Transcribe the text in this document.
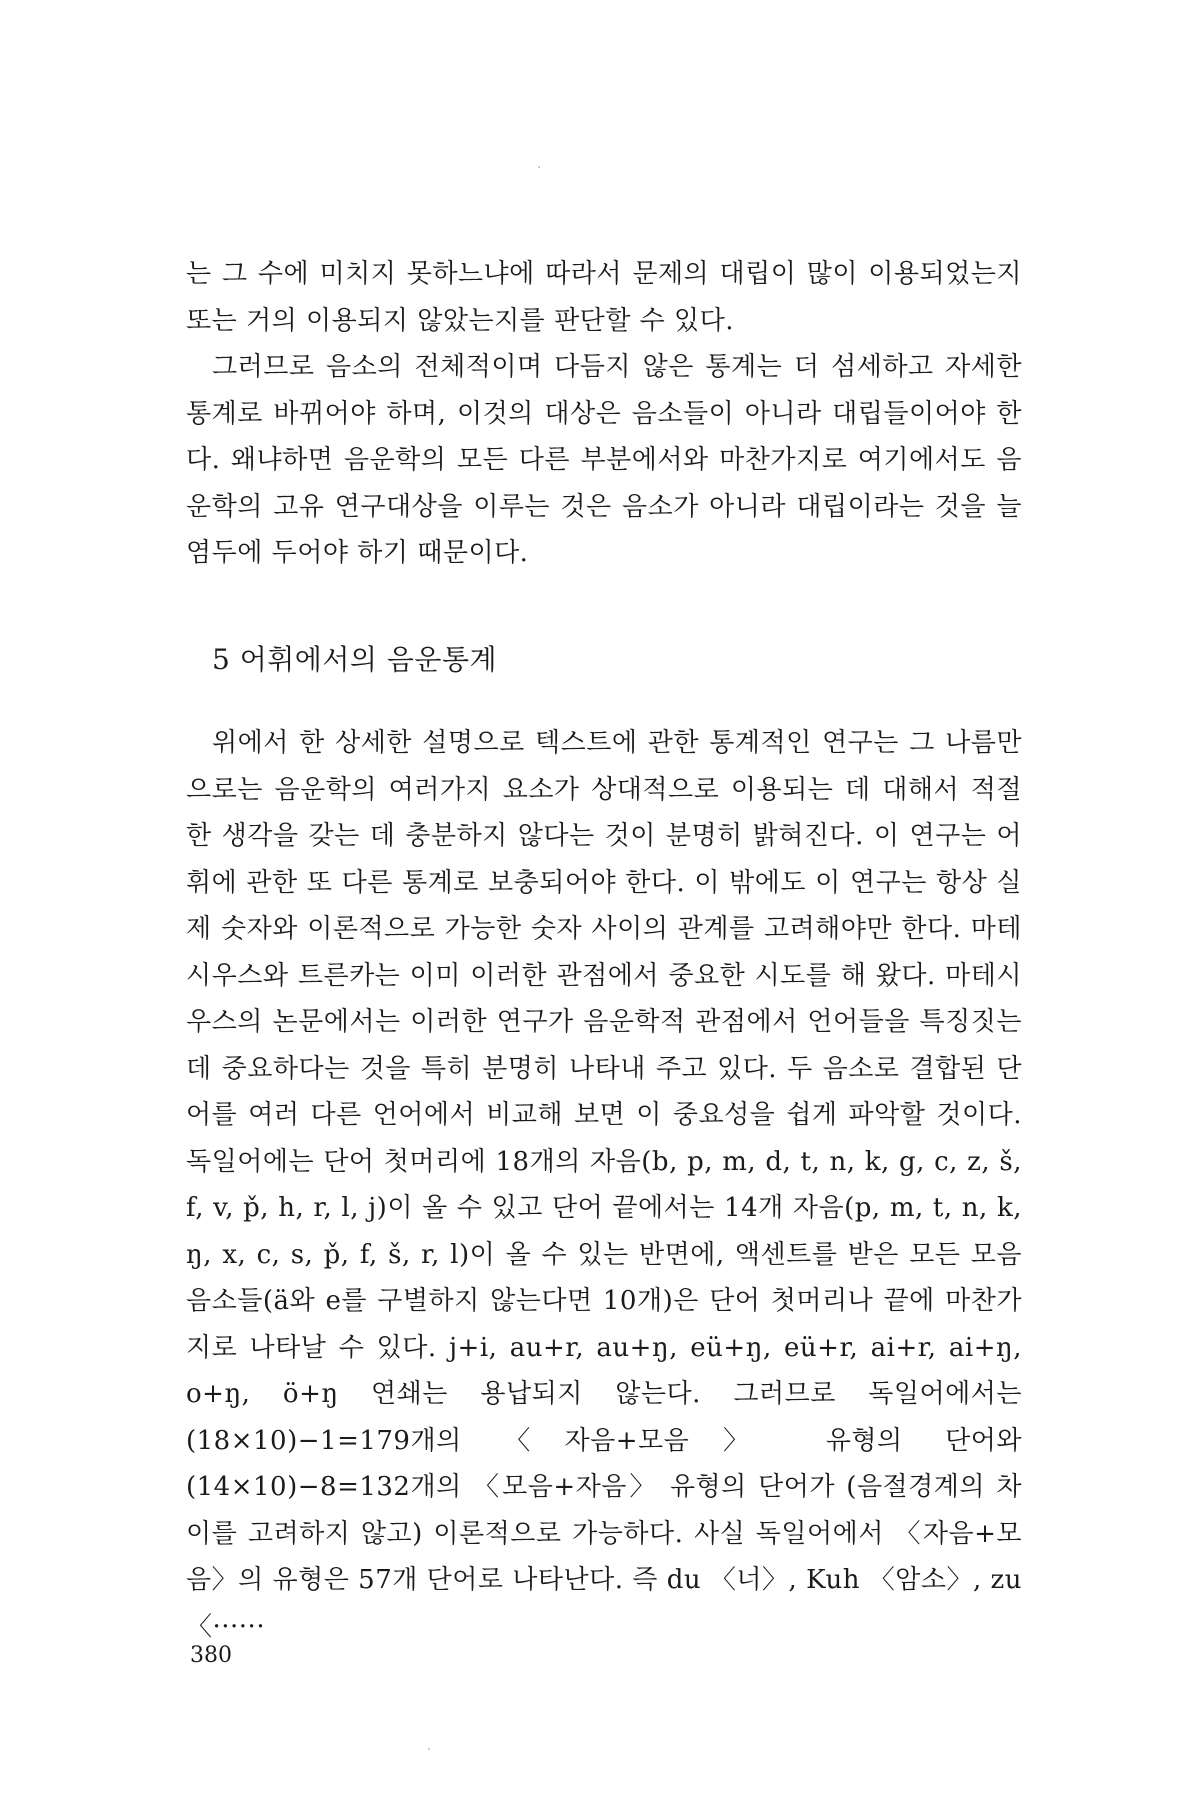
는 그 수에 미치지 못하느냐에 따라서 문제의 대립이 많이 이용되었는지 또는 거의 이용되지 않았는지를 판단할 수 있다.

그러므로 음소의 전체적이며 다듬지 않은 통계는 더 섬세하고 자세한 통계로 바뀌어야 하며, 이것의 대상은 음소들이 아니라 대립들이어야 한다. 왜냐하면 음운학의 모든 다른 부분에서와 마찬가지로 여기에서도 음운학의 고유 연구대상을 이루는 것은 음소가 아니라 대립이라는 것을 늘 염두에 두어야 하기 때문이다.

5 어휘에서의 음운통계

위에서 한 상세한 설명으로 텍스트에 관한 통계적인 연구는 그 나름만으로는 음운학의 여러가지 요소가 상대적으로 이용되는 데 대해서 적절한 생각을 갖는 데 충분하지 않다는 것이 분명히 밝혀진다. 이 연구는 어휘에 관한 또 다른 통계로 보충되어야 한다. 이 밖에도 이 연구는 항상 실제 숫자와 이론적으로 가능한 숫자 사이의 관계를 고려해야만 한다. 마테시우스와 트른카는 이미 이러한 관점에서 중요한 시도를 해 왔다. 마테시우스의 논문에서는 이러한 연구가 음운학적 관점에서 언어들을 특징짓는 데 중요하다는 것을 특히 분명히 나타내 주고 있다. 두 음소로 결합된 단어를 여러 다른 언어에서 비교해 보면 이 중요성을 쉽게 파악할 것이다. 독일어에는 단어 첫머리에 18개의 자음(b, p, m, d, t, n, k, g, c, z, š, f, v, p̌, h, r, l, j)이 올 수 있고 단어 끝에서는 14개 자음(p, m, t, n, k, ŋ, x, c, s, p̌, f, š, r, l)이 올 수 있는 반면에, 액센트를 받은 모든 모음음소들(ä와 e를 구별하지 않는다면 10개)은 단어 첫머리나 끝에 마찬가지로 나타날 수 있다. j+i, au+r, au+ŋ, eü+ŋ, eü+r, ai+r, ai+ŋ, o+ŋ, ö+ŋ 연쇄는 용납되지 않는다. 그러므로 독일어에서는 (18×10)−1=179개의 〈자음+모음〉 유형의 단어와 (14×10)−8=132개의 〈모음+자음〉 유형의 단어가 (음절경계의 차이를 고려하지 않고) 이론적으로 가능하다. 사실 독일어에서 〈자음+모음〉의 유형은 57개 단어로 나타난다. 즉 du 〈너〉, Kuh 〈암소〉, zu 〈······

380
